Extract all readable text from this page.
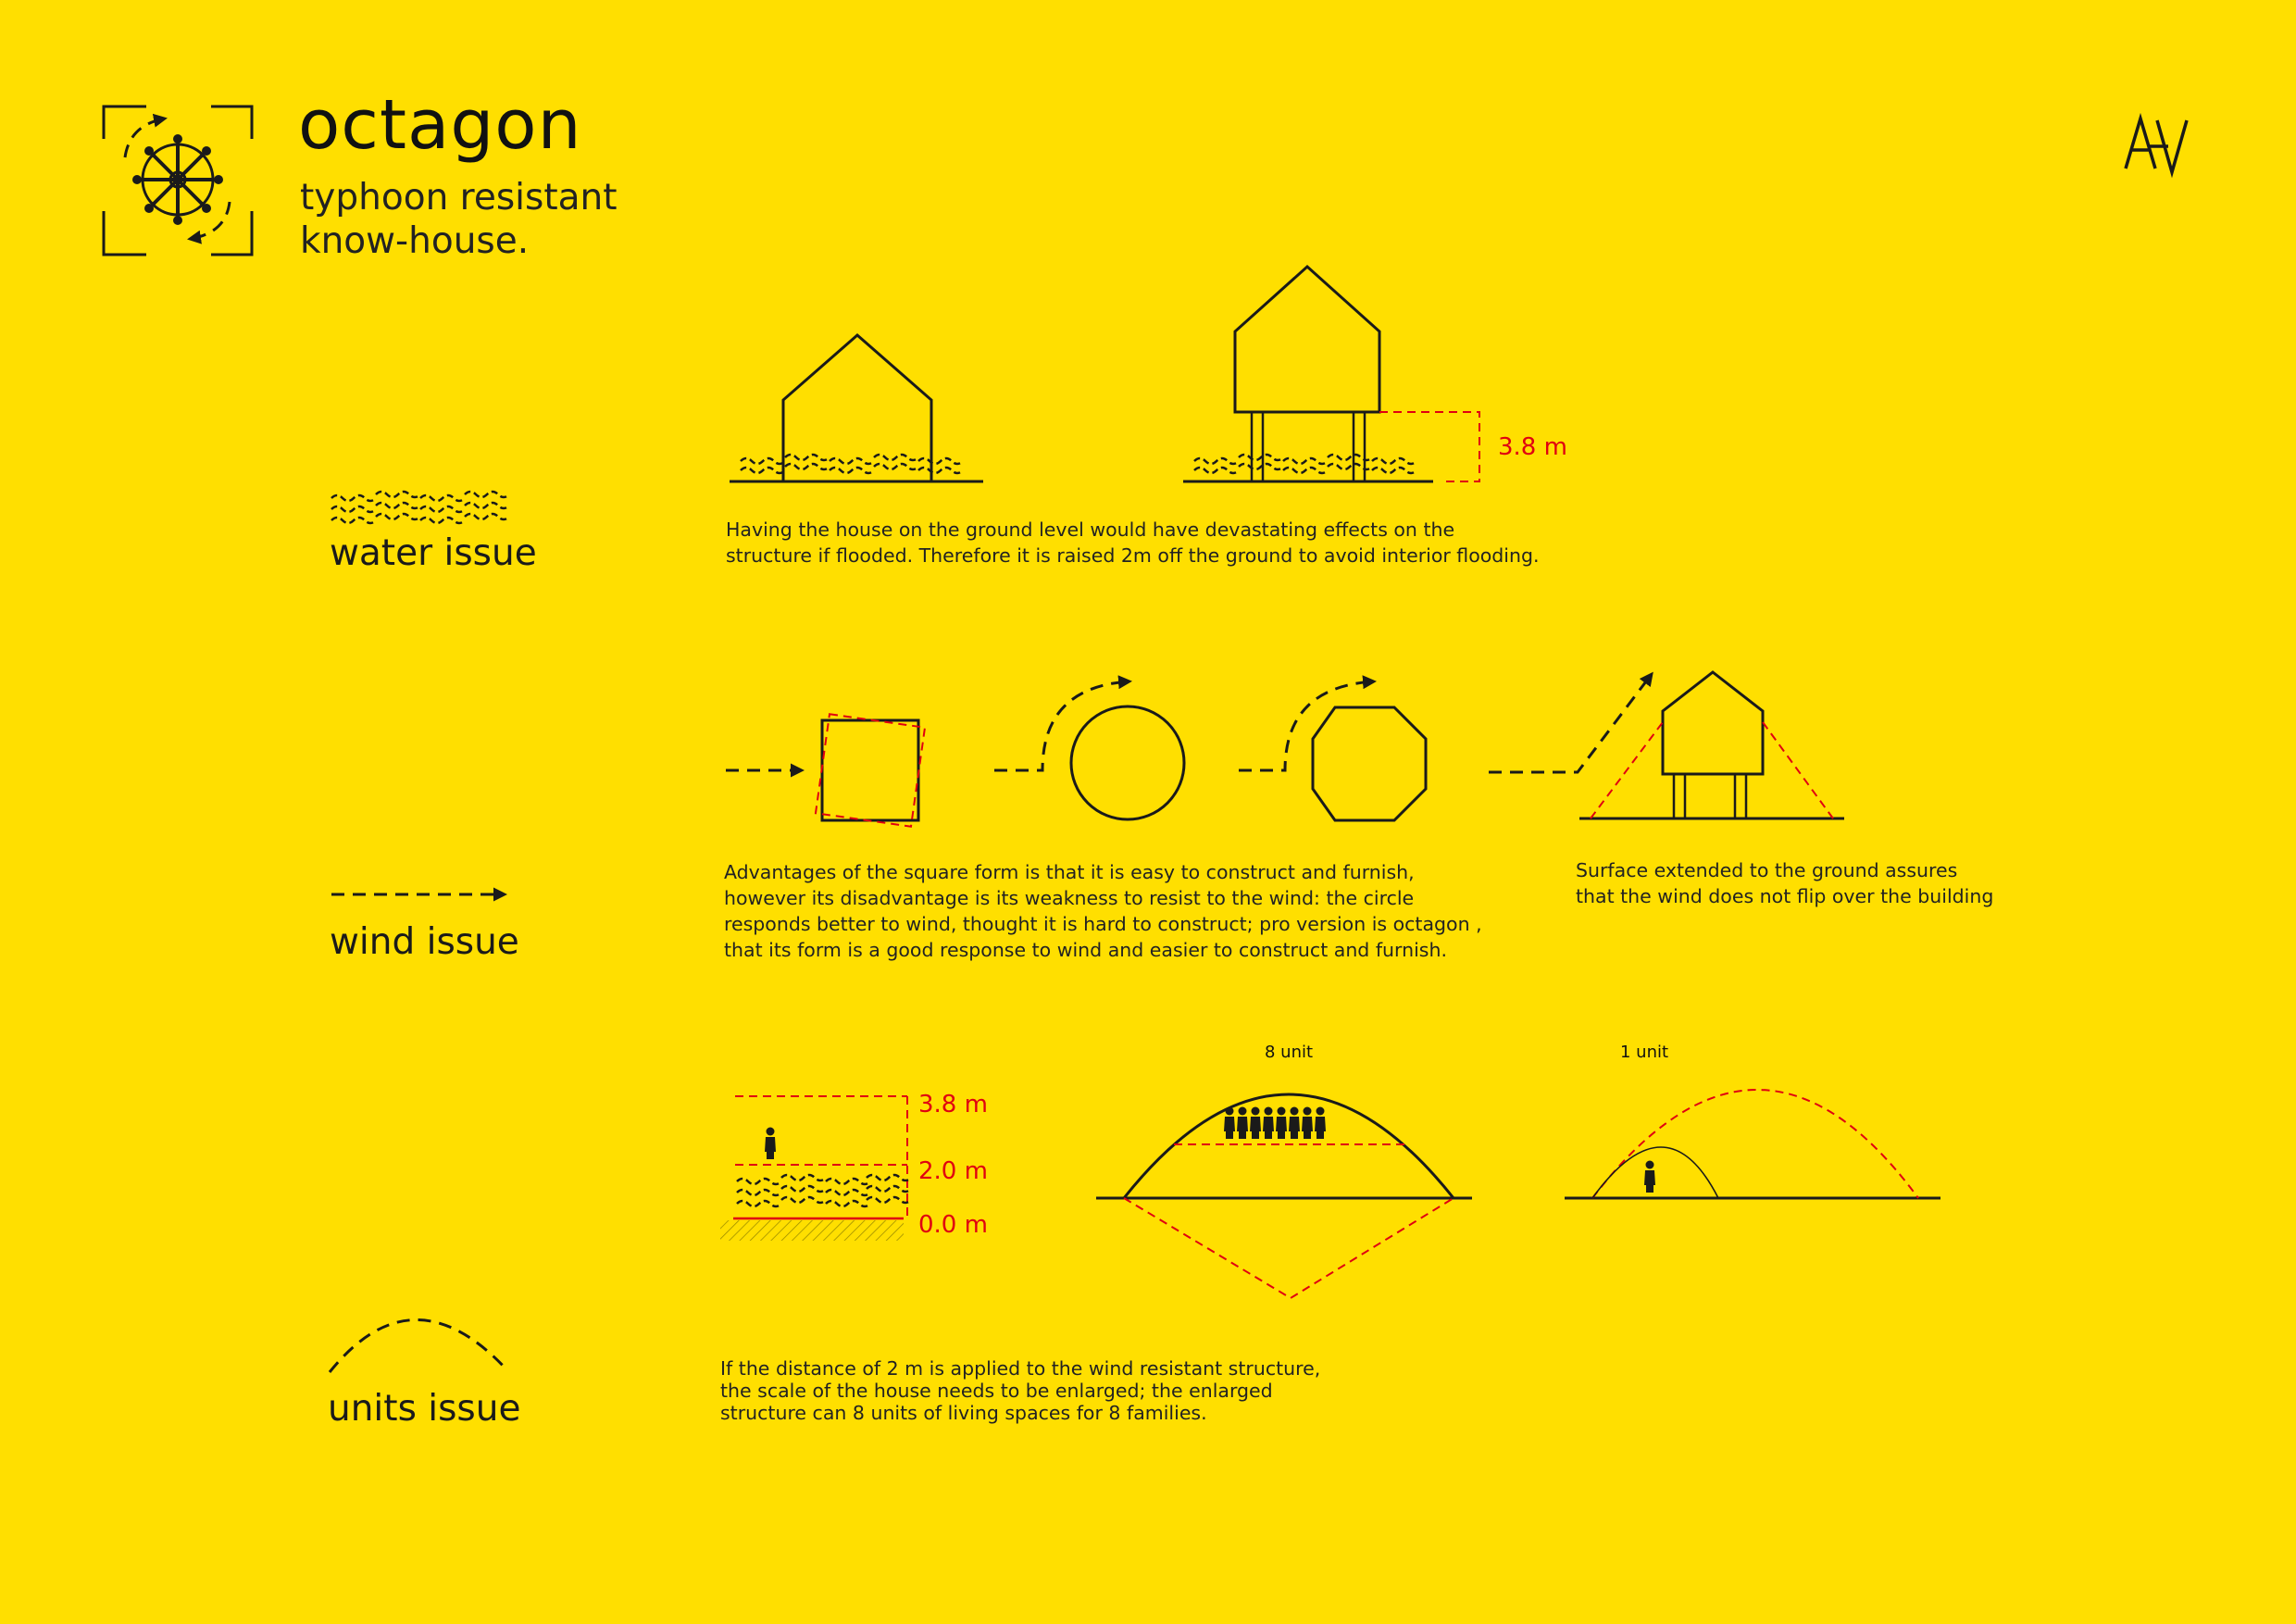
octagon
typhoon resistant
know-house.
water issue
3.8 m
Having the house on the ground level would have devastating effects on the
structure if flooded. Therefore it is raised 2m off the ground to avoid interior flooding.
wind issue
Advantages of the square form is that it is easy to construct and furnish,
however its disadvantage is its weakness to resist to the wind: the circle
responds better to wind, thought it is hard to construct; pro version is octagon ,
that its form is a good response to wind and easier to construct and furnish.
Surface extended to the ground assures
that the wind does not flip over the building
units issue
3.8 m
2.0 m
0.0 m
8 unit	1 unit
If the distance of 2 m is applied to the wind resistant structure,
the scale of the house needs to be enlarged; the enlarged
structure can 8 units of living spaces for 8 families.
